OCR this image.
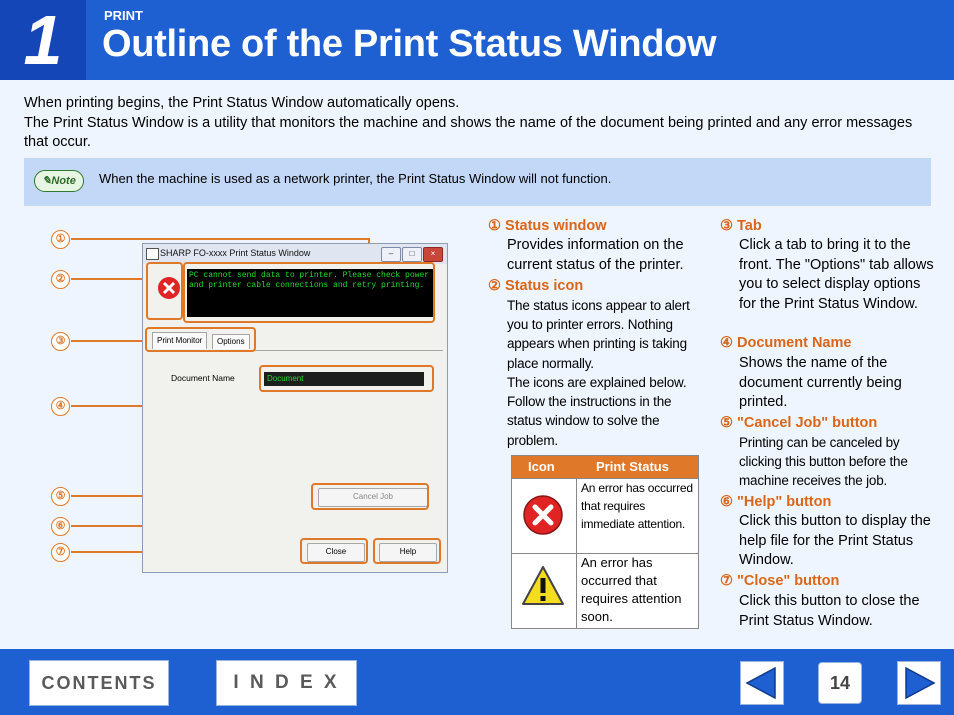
1	PRINT
Outline of the Print Status Window
When printing begins, the Print Status Window automatically opens.
The Print Status Window is a utility that monitors the machine and shows the name of the document being printed and any error messages that occur.
✎Note	When the machine is used as a network printer, the Print Status Window will not function.
①
②
③
④
⑤
⑥
⑦
SHARP FO-xxxx Print Status Window	–	□	×
PC cannot send data to printer. Please check power and printer cable connections and retry printing.
Print Monitor	Options
Document Name	Document
Cancel Job
Close	Help
① Status window
Provides information on the current status of the printer.
② Status icon
The status icons appear to alert you to printer errors. Nothing appears when printing is taking place normally.
The icons are explained below. Follow the instructions in the status window to solve the problem.
Icon	Print Status
An error has occurred that requires immediate attention.
An error has occurred that requires attention soon.
③ Tab
Click a tab to bring it to the front. The "Options" tab allows you to select display options for the Print Status Window.
④ Document Name
Shows the name of the document currently being printed.
⑤ "Cancel Job" button
Printing can be canceled by clicking this button before the machine receives the job.
⑥ "Help" button
Click this button to display the help file for the Print Status Window.
⑦ "Close" button
Click this button to close the Print Status Window.
CONTENTS	I N D E X	14
